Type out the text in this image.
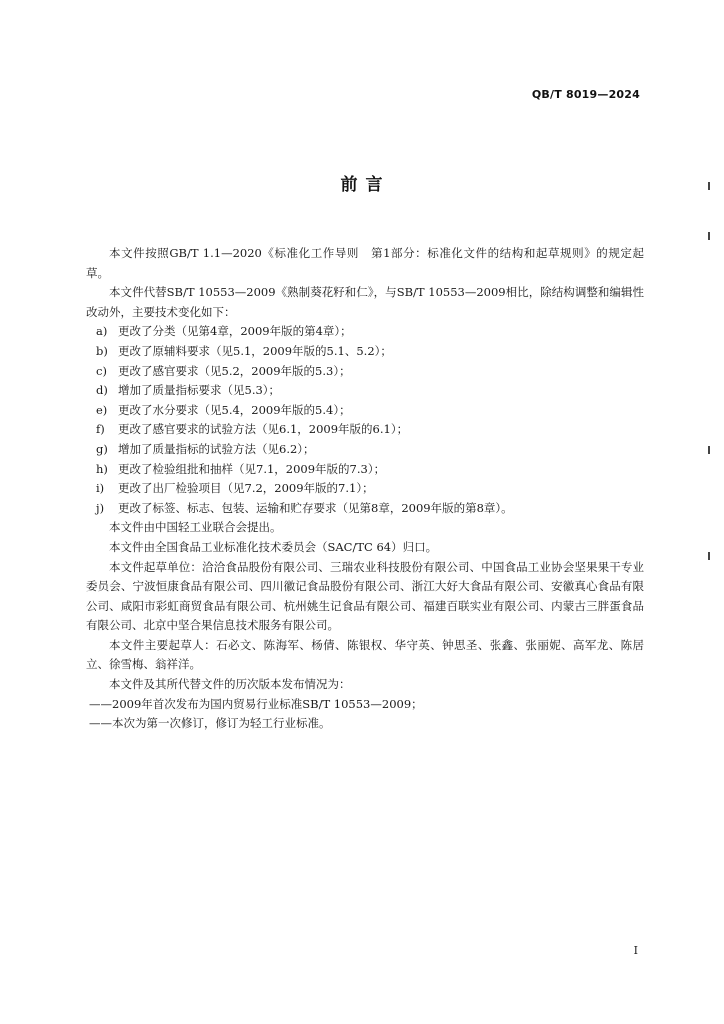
QB/T 8019—2024
前 言

本文件按照GB/T 1.1—2020《标准化工作导则　第1部分：标准化文件的结构和起草规则》的规定起草。

本文件代替SB/T 10553—2009《熟制葵花籽和仁》，与SB/T 10553—2009相比，除结构调整和编辑性改动外，主要技术变化如下：

a) 更改了分类（见第4章，2009年版的第4章）；
b) 更改了原辅料要求（见5.1，2009年版的5.1、5.2）；
c) 更改了感官要求（见5.2，2009年版的5.3）；
d) 增加了质量指标要求（见5.3）；
e) 更改了水分要求（见5.4，2009年版的5.4）；
f)	更改了感官要求的试验方法（见6.1，2009年版的6.1）；
g) 增加了质量指标的试验方法（见6.2）；
h) 更改了检验组批和抽样（见7.1，2009年版的7.3）；
i)	更改了出厂检验项目（见7.2，2009年版的7.1）；
j)	更改了标签、标志、包装、运输和贮存要求（见第8章，2009年版的第8章）。

本文件由中国轻工业联合会提出。

本文件由全国食品工业标准化技术委员会（SAC/TC 64）归口。

本文件起草单位：洽洽食品股份有限公司、三瑞农业科技股份有限公司、中国食品工业协会坚果果干专业委员会、宁波恒康食品有限公司、四川徽记食品股份有限公司、浙江大好大食品有限公司、安徽真心食品有限公司、咸阳市彩虹商贸食品有限公司、杭州姚生记食品有限公司、福建百联实业有限公司、内蒙古三胖蛋食品有限公司、北京中坚合果信息技术服务有限公司。

本文件主要起草人：石必文、陈海军、杨倩、陈银权、华守英、钟思圣、张鑫、张丽妮、高军龙、陈居立、徐雪梅、翁祥洋。

本文件及其所代替文件的历次版本发布情况为：

——2009年首次发布为国内贸易行业标准SB/T 10553—2009；

——本次为第一次修订，修订为轻工行业标准。

I
